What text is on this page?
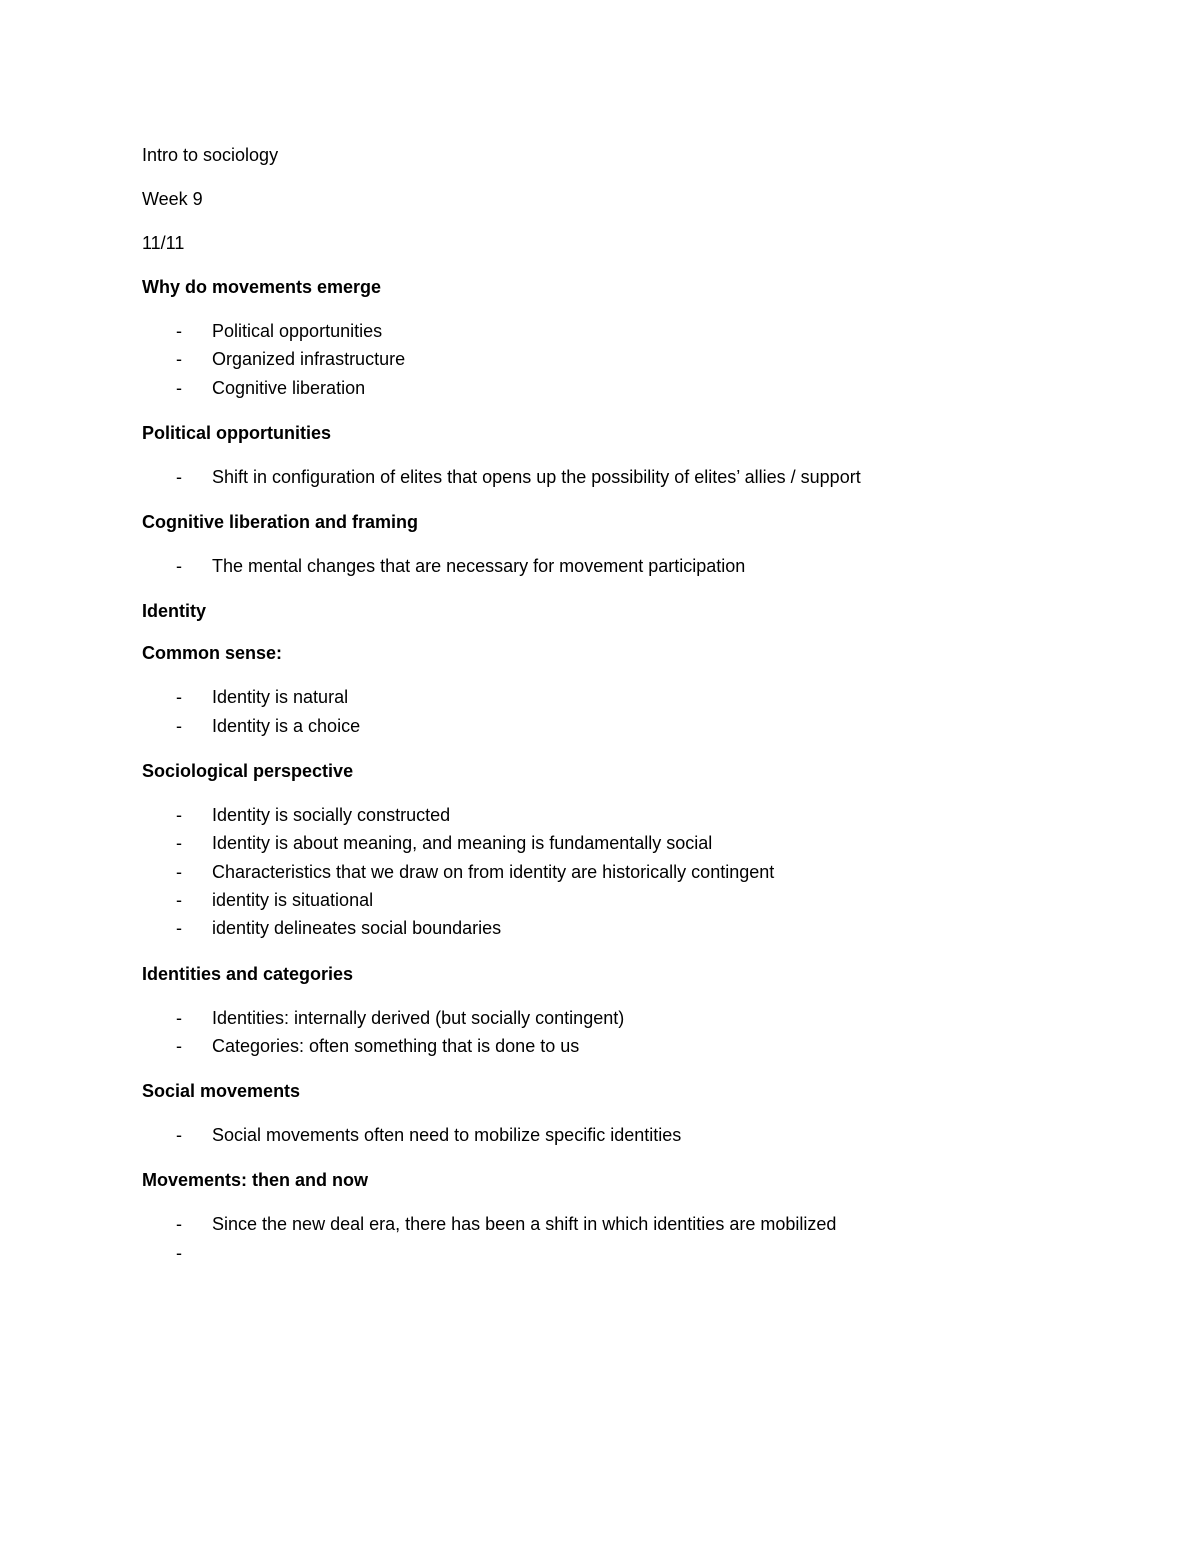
Intro to sociology
Week 9
11/11
Why do movements emerge
-	Political opportunities
-	Organized infrastructure
-	Cognitive liberation
Political opportunities
-	Shift in configuration of elites that opens up the possibility of elites’ allies / support
Cognitive liberation and framing
-	The mental changes that are necessary for movement participation
Identity
Common sense:
-	Identity is natural
-	Identity is a choice
Sociological perspective
-	Identity is socially constructed
-	Identity is about meaning, and meaning is fundamentally social
-	Characteristics that we draw on from identity are historically contingent
-	identity is situational
-	identity delineates social boundaries
Identities and categories
-	Identities: internally derived (but socially contingent)
-	Categories: often something that is done to us
Social movements
-	Social movements often need to mobilize specific identities
Movements: then and now
-	Since the new deal era, there has been a shift in which identities are mobilized
-
